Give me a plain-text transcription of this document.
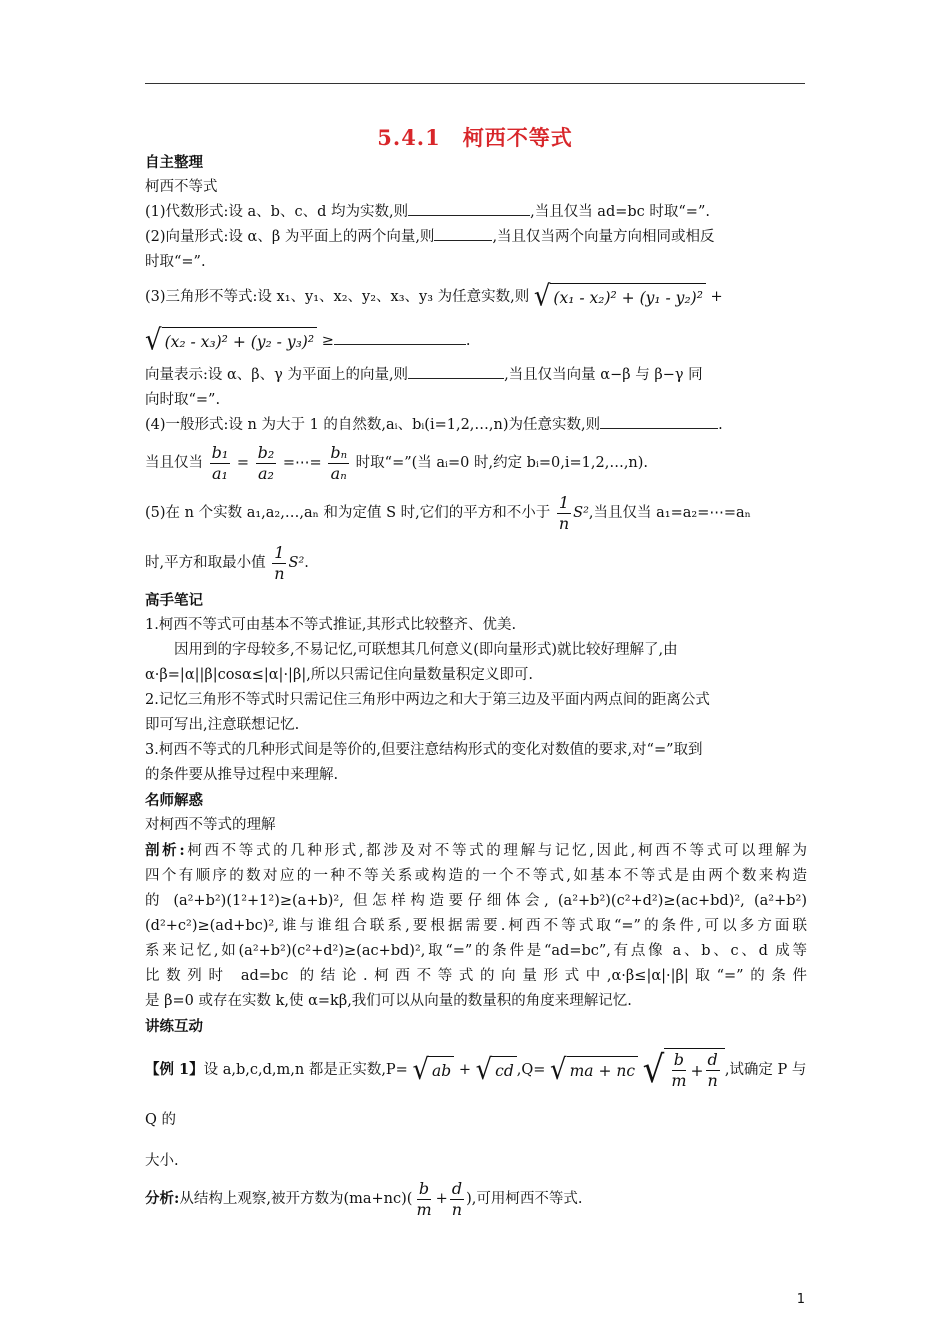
5.4.1　柯西不等式

自主整理

柯西不等式

(1)代数形式:设 a、b、c、d 均为实数,则	,当且仅当 ad=bc 时取“=”.

(2)向量形式:设 α、β 为平面上的两个向量,则	,当且仅当两个向量方向相同或相反

时取“=”.

(3)三角形不等式:设 x₁、y₁、x₂、y₂、x₃、y₃ 为任意实数,则 √ (x₁ - x₂)² + (y₁ - y₂)² +

√ (x₂ - x₃)² + (y₂ - y₃)² ≥	.

向量表示:设 α、β、γ 为平面上的向量,则	,当且仅当向量 α−β 与 β−γ 同

向时取“=”.

(4)一般形式:设 n 为大于 1 的自然数,aᵢ、bᵢ(i=1,2,…,n)为任意实数,则	.

当且仅当 $\frac{\text{b₁}}{\text{a₁}} = \frac{\text{b₂}}{\text{a₂}}$ =⋯= $\frac{\text{bₙ}}{\text{aₙ}}$ 时取“=”(当 aᵢ=0 时,约定 bᵢ=0,i=1,2,…,n).

(5)在 n 个实数 a₁,a₂,…,aₙ 和为定值 S 时,它们的平方和不小于 $\frac{1}{n} S^2$,当且仅当 a₁=a₂=⋯=aₙ

时,平方和取最小值 $\frac{1}{n} S^2$.

高手笔记

1.柯西不等式可由基本不等式推证,其形式比较整齐、优美.

因用到的字母较多,不易记忆,可联想其几何意义(即向量形式)就比较好理解了,由

α·β=|α||β|cosα≤|α|·|β|,所以只需记住向量数量积定义即可.

2.记忆三角形不等式时只需记住三角形中两边之和大于第三边及平面内两点间的距离公式

即可写出,注意联想记忆.

3.柯西不等式的几种形式间是等价的,但要注意结构形式的变化对数值的要求,对“=”取到

的条件要从推导过程中来理解.

名师解惑

对柯西不等式的理解

剖析:柯西不等式的几种形式,都涉及对不等式的理解与记忆,因此,柯西不等式可以理解为

四个有顺序的数对应的一种不等关系或构造的一个不等式,如基本不等式是由两个数来构造

的 (a²+b²)(1²+1²)≥(a+b)², 但怎样构造要仔细体会, (a²+b²)(c²+d²)≥(ac+bd)², (a²+b²)

(d²+c²)≥(ad+bc)²,谁与谁组合联系,要根据需要.柯西不等式取“=”的条件,可以多方面联

系来记忆,如(a²+b²)(c²+d²)≥(ac+bd)²,取“=”的条件是“ad=bc”,有点像 a、b、c、d 成等

比数列时 ad=bc 的结论.柯西不等式的向量形式中,α·β≤|α|·|β|取“=”的条件

是 β=0 或存在实数 k,使 α=kβ,我们可以从向量的数量积的角度来理解记忆.

讲练互动

【例 1】设 a,b,c,d,m,n 都是正实数,P= √ ab + √ cd ,Q= √ ma + nc
√ $\frac{b}{m} + \frac{d}{n}$ ,试确定 P 与 Q 的

大小.

分析:从结构上观察,被开方数为$(ma+nc)( \frac{b}{m} + \frac{d}{n}$ ),可用柯西不等式.

1
